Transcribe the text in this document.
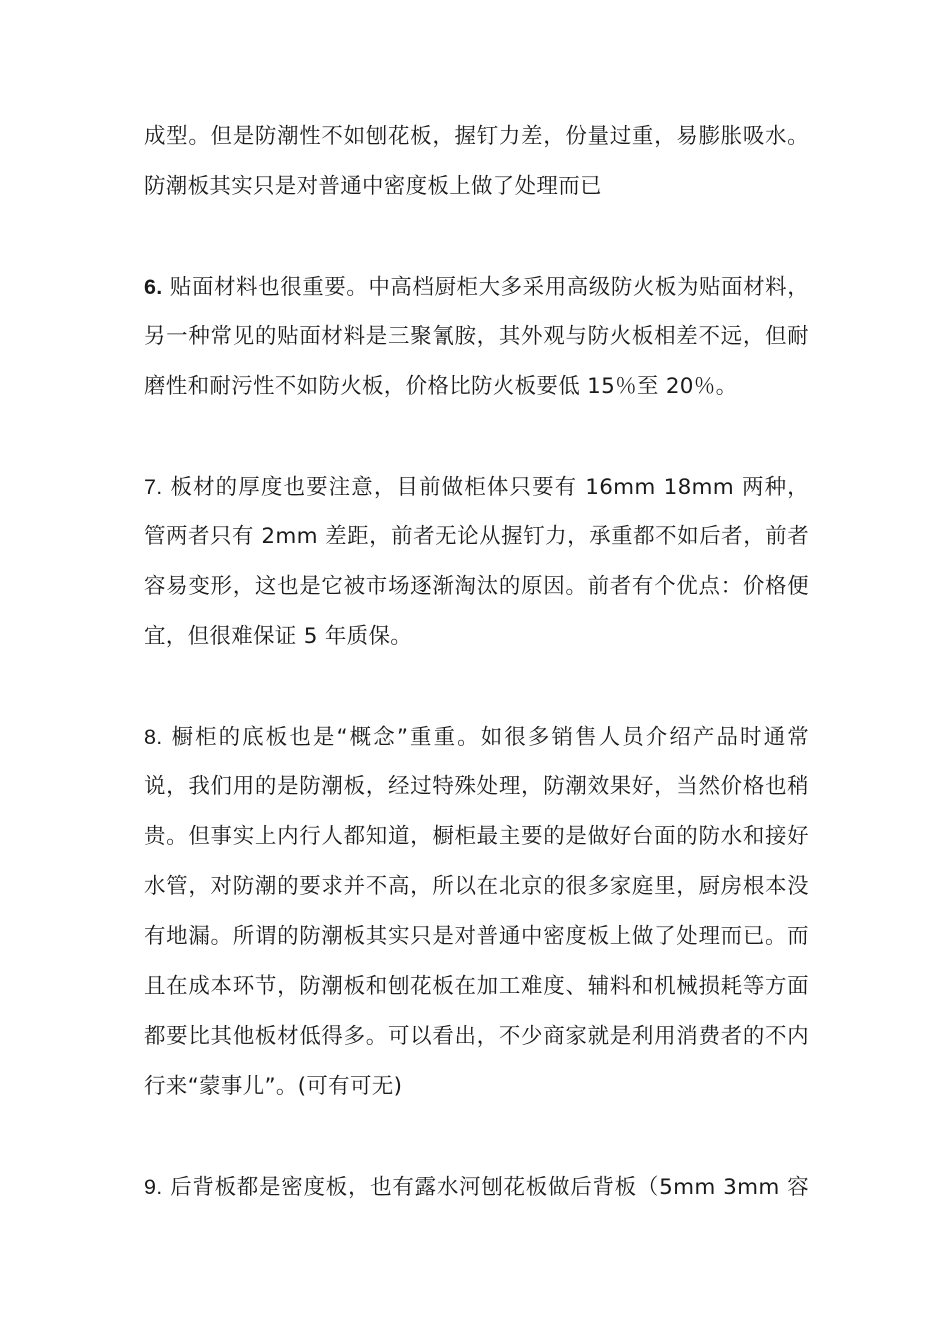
成型。但是防潮性不如刨花板，握钉力差，份量过重，易膨胀吸水。
防潮板其实只是对普通中密度板上做了处理而已
6. 贴面材料也很重要。中高档厨柜大多采用高级防火板为贴面材料，
另一种常见的贴面材料是三聚氰胺，其外观与防火板相差不远，但耐
磨性和耐污性不如防火板，价格比防火板要低 15％至 20％。
7. 板材的厚度也要注意，目前做柜体只要有 16mm 18mm 两种，
管两者只有 2mm 差距，前者无论从握钉力，承重都不如后者，前者
容易变形，这也是它被市场逐渐淘汰的原因。前者有个优点：价格便
宜，但很难保证 5 年质保。
8. 橱柜的底板也是“概念”重重。如很多销售人员介绍产品时通常
说，我们用的是防潮板，经过特殊处理，防潮效果好，当然价格也稍
贵。但事实上内行人都知道，橱柜最主要的是做好台面的防水和接好
水管，对防潮的要求并不高，所以在北京的很多家庭里，厨房根本没
有地漏。所谓的防潮板其实只是对普通中密度板上做了处理而已。而
且在成本环节，防潮板和刨花板在加工难度、辅料和机械损耗等方面
都要比其他板材低得多。可以看出，不少商家就是利用消费者的不内
行来“蒙事儿”。(可有可无)
9. 后背板都是密度板，也有露水河刨花板做后背板（5mm 3mm 容
